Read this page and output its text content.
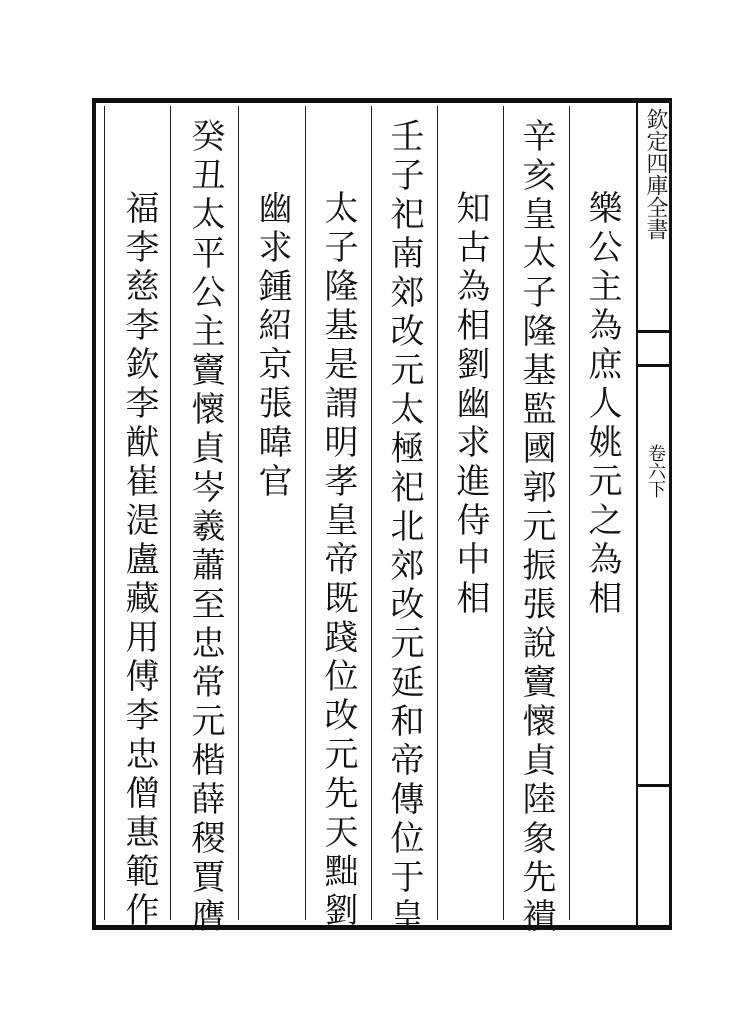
欽定四庫全書
卷六下
樂公主為庶人姚元之為相
辛亥皇太子隆基監國郭元振張說竇懷貞陸象先䙡
知古為相劉幽求進侍中相
壬子祀南郊改元太極祀北郊改元延和帝傳位于皇
太子隆基是謂明孝皇帝既踐位改元先天黜劉
幽求鍾紹京張暐官
癸丑太平公主竇懷貞岑羲蕭至忠常元楷薛稷賈膺
福李慈李欽李猷崔湜盧藏用傅李忠僧惠範作
